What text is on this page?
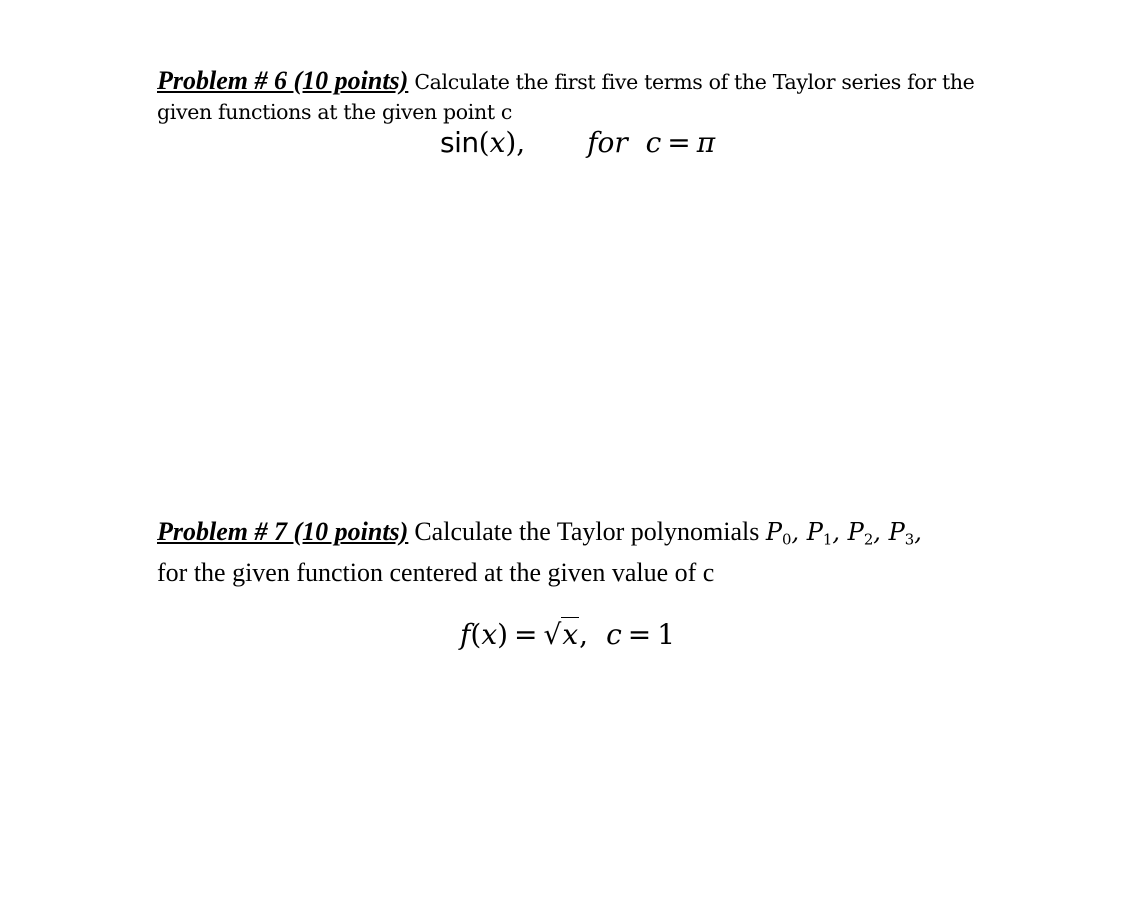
Problem # 6 (10 points) Calculate the first five terms of the Taylor series for the
given functions at the given point c
sin(x), for c = π
Problem # 7 (10 points) Calculate the Taylor polynomials $P_0$, $P_1$, $P_2$, $P_3$,
for the given function centered at the given value of c
f(x) = √x, c = 1
